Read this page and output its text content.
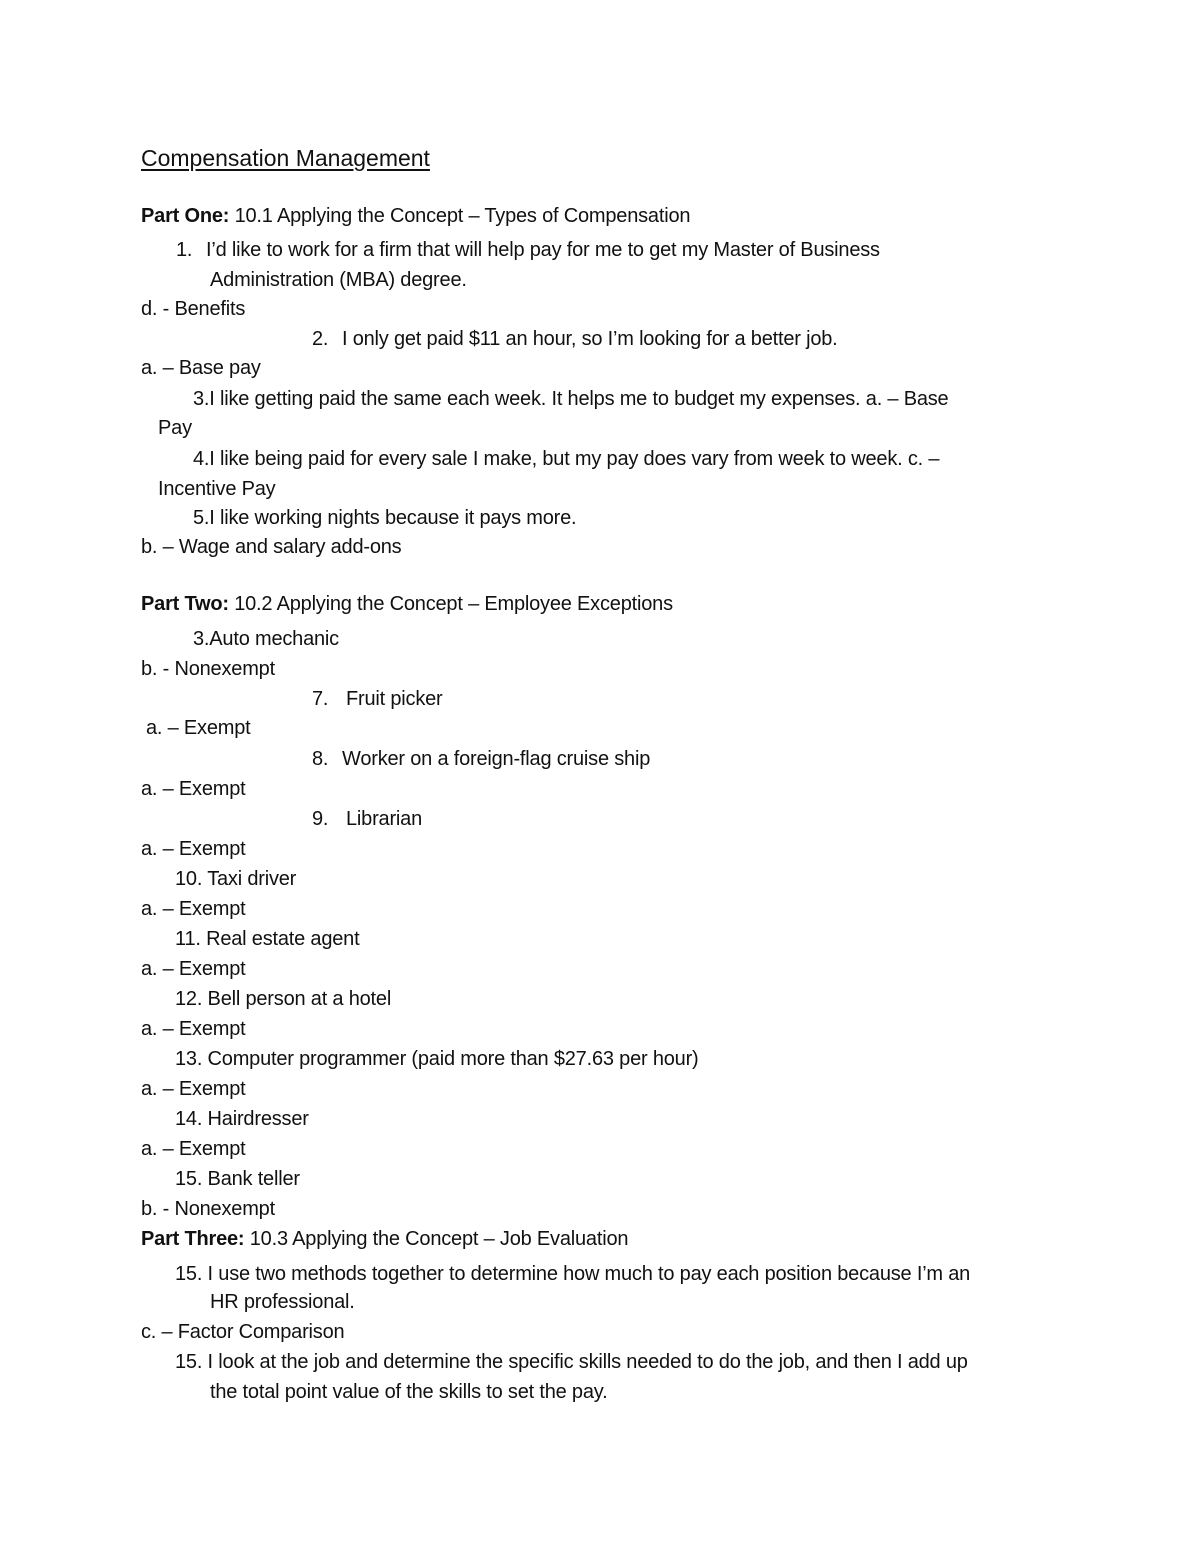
Compensation Management
Part One: 10.1 Applying the Concept – Types of Compensation
1. I’d like to work for a firm that will help pay for me to get my Master of Business
Administration (MBA) degree.
d. - Benefits
2. I only get paid $11 an hour, so I’m looking for a better job.
a. – Base pay
3.I like getting paid the same each week. It helps me to budget my expenses. a. – Base
Pay
4.I like being paid for every sale I make, but my pay does vary from week to week. c. –
Incentive Pay
5.I like working nights because it pays more.
b. – Wage and salary add-ons
Part Two: 10.2 Applying the Concept – Employee Exceptions
3.Auto mechanic
b. - Nonexempt
7. Fruit picker
a. – Exempt
8. Worker on a foreign-flag cruise ship
a. – Exempt
9. Librarian
a. – Exempt
10. Taxi driver
a. – Exempt
11. Real estate agent
a. – Exempt
12. Bell person at a hotel
a. – Exempt
13. Computer programmer (paid more than $27.63 per hour)
a. – Exempt
14. Hairdresser
a. – Exempt
15. Bank teller
b. - Nonexempt
Part Three: 10.3 Applying the Concept – Job Evaluation
15. I use two methods together to determine how much to pay each position because I’m an
HR professional.
c. – Factor Comparison
15. I look at the job and determine the specific skills needed to do the job, and then I add up
the total point value of the skills to set the pay.
